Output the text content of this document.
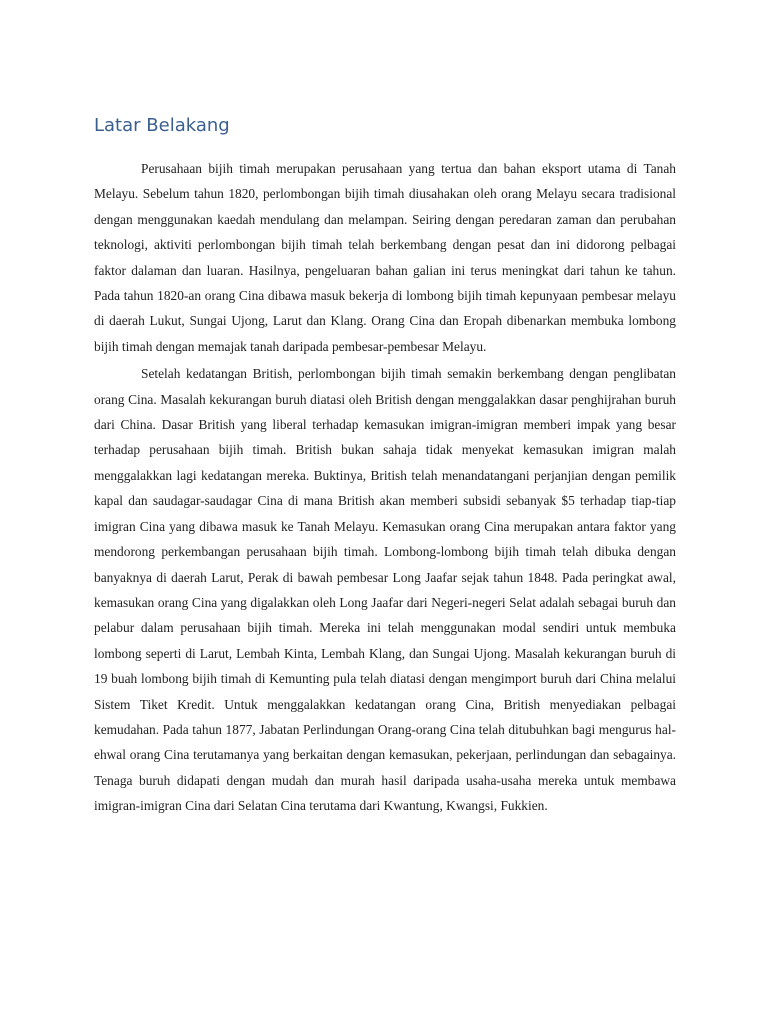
Latar Belakang

Perusahaan bijih timah merupakan perusahaan yang tertua dan bahan eksport utama di Tanah Melayu. Sebelum tahun 1820, perlombongan bijih timah diusahakan oleh orang Melayu secara tradisional dengan menggunakan kaedah mendulang dan melampan. Seiring dengan peredaran zaman dan perubahan teknologi, aktiviti perlombongan bijih timah telah berkembang dengan pesat dan ini didorong pelbagai faktor dalaman dan luaran. Hasilnya, pengeluaran bahan galian ini terus meningkat dari tahun ke tahun. Pada tahun 1820-an orang Cina dibawa masuk bekerja di lombong bijih timah kepunyaan pembesar melayu di daerah Lukut, Sungai Ujong, Larut dan Klang. Orang Cina dan Eropah dibenarkan membuka lombong bijih timah dengan memajak tanah daripada pembesar-pembesar Melayu.

Setelah kedatangan British, perlombongan bijih timah semakin berkembang dengan penglibatan orang Cina. Masalah kekurangan buruh diatasi oleh British dengan menggalakkan dasar penghijrahan buruh dari China. Dasar British yang liberal terhadap kemasukan imigran-imigran memberi impak yang besar terhadap perusahaan bijih timah. British bukan sahaja tidak menyekat kemasukan imigran malah menggalakkan lagi kedatangan mereka. Buktinya, British telah menandatangani perjanjian dengan pemilik kapal dan saudagar-saudagar Cina di mana British akan memberi subsidi sebanyak $5 terhadap tiap-tiap imigran Cina yang dibawa masuk ke Tanah Melayu. Kemasukan orang Cina merupakan antara faktor yang mendorong perkembangan perusahaan bijih timah. Lombong-lombong bijih timah telah dibuka dengan banyaknya di daerah Larut, Perak di bawah pembesar Long Jaafar sejak tahun 1848. Pada peringkat awal, kemasukan orang Cina yang digalakkan oleh Long Jaafar dari Negeri-negeri Selat adalah sebagai buruh dan pelabur dalam perusahaan bijih timah. Mereka ini telah menggunakan modal sendiri untuk membuka lombong seperti di Larut, Lembah Kinta, Lembah Klang, dan Sungai Ujong. Masalah kekurangan buruh di 19 buah lombong bijih timah di Kemunting pula telah diatasi dengan mengimport buruh dari China melalui Sistem Tiket Kredit. Untuk menggalakkan kedatangan orang Cina, British menyediakan pelbagai kemudahan. Pada tahun 1877, Jabatan Perlindungan Orang-orang Cina telah ditubuhkan bagi mengurus hal-ehwal orang Cina terutamanya yang berkaitan dengan kemasukan, pekerjaan, perlindungan dan sebagainya. Tenaga buruh didapati dengan mudah dan murah hasil daripada usaha-usaha mereka untuk membawa imigran-imigran Cina dari Selatan Cina terutama dari Kwantung, Kwangsi, Fukkien.
